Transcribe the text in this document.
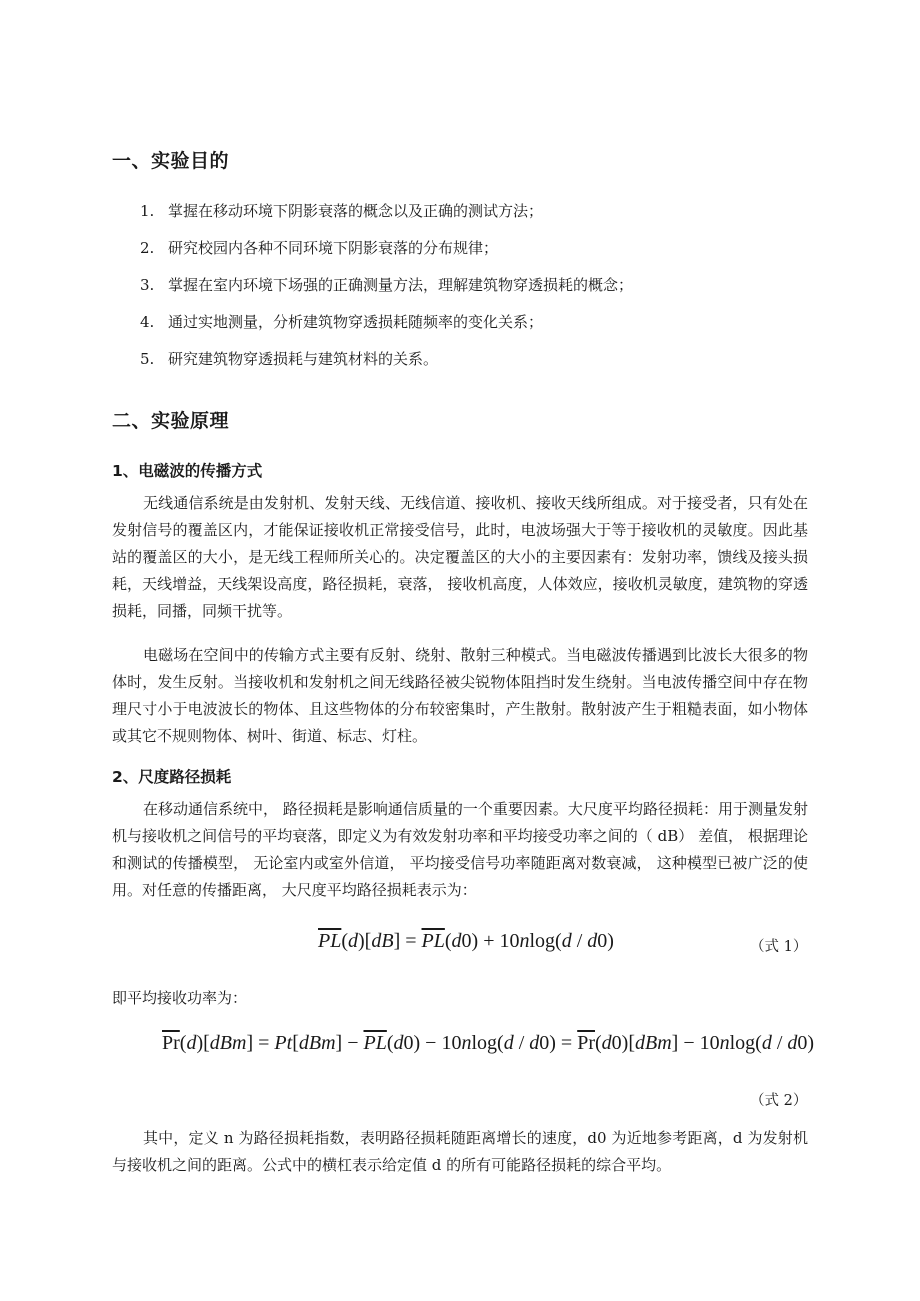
一、实验目的
1. 掌握在移动环境下阴影衰落的概念以及正确的测试方法；
2. 研究校园内各种不同环境下阴影衰落的分布规律；
3. 掌握在室内环境下场强的正确测量方法，理解建筑物穿透损耗的概念；
4. 通过实地测量，分析建筑物穿透损耗随频率的变化关系；
5. 研究建筑物穿透损耗与建筑材料的关系。
二、实验原理
1、电磁波的传播方式

无线通信系统是由发射机、发射天线、无线信道、接收机、接收天线所组成。对于接受者，只有处在发射信号的覆盖区内，才能保证接收机正常接受信号，此时，电波场强大于等于接收机的灵敏度。因此基站的覆盖区的大小，是无线工程师所关心的。决定覆盖区的大小的主要因素有：发射功率，馈线及接头损耗，天线增益，天线架设高度，路径损耗，衰落， 接收机高度，人体效应，接收机灵敏度，建筑物的穿透损耗，同播，同频干扰等。

电磁场在空间中的传输方式主要有反射、绕射、散射三种模式。当电磁波传播遇到比波长大很多的物体时，发生反射。当接收机和发射机之间无线路径被尖锐物体阻挡时发生绕射。当电波传播空间中存在物理尺寸小于电波波长的物体、且这些物体的分布较密集时，产生散射。散射波产生于粗糙表面，如小物体或其它不规则物体、树叶、街道、标志、灯柱。

2、尺度路径损耗

在移动通信系统中， 路径损耗是影响通信质量的一个重要因素。大尺度平均路径损耗：用于测量发射机与接收机之间信号的平均衰落，即定义为有效发射功率和平均接受功率之间的（ dB） 差值， 根据理论和测试的传播模型， 无论室内或室外信道， 平均接受信号功率随距离对数衰减， 这种模型已被广泛的使用。对任意的传播距离， 大尺度平均路径损耗表示为：

$\overline{PL}(d)[dB] = \overline{PL}(d0) + 10nlog(d / d0)$	（式 1）
即平均接收功率为：
$\overline{Pr}(d)[dBm] = Pt[dBm] - \overline{PL}(d0) - 10nlog(d / d0) = \overline{Pr}(d0)[dBm] - 10nlog(d / d0)$
（式 2）

其中，定义 n 为路径损耗指数，表明路径损耗随距离增长的速度，d0 为近地参考距离，d 为发射机与接收机之间的距离。公式中的横杠表示给定值 d 的所有可能路径损耗的综合平均。
